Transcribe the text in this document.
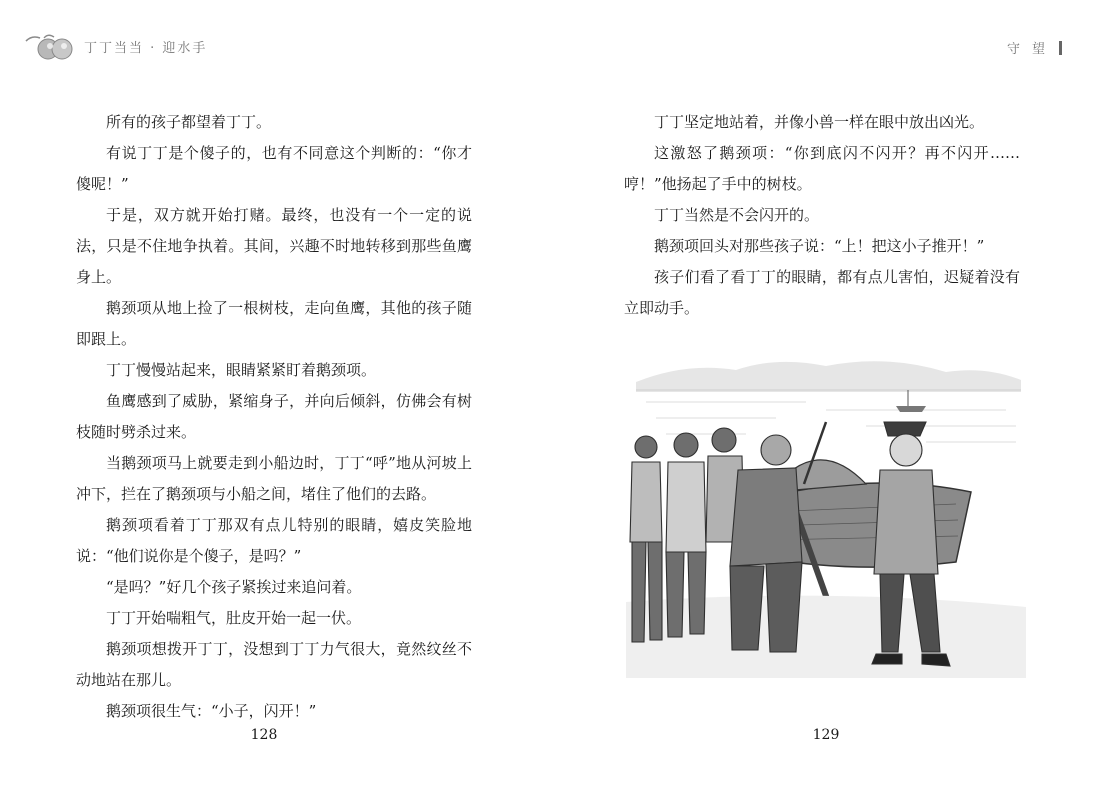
丁丁当当 · 迎水手

所有的孩子都望着丁丁。

有说丁丁是个傻子的，也有不同意这个判断的：“你才傻呢！”

于是，双方就开始打赌。最终，也没有一个一定的说法，只是不住地争执着。其间，兴趣不时地转移到那些鱼鹰身上。

鹅颈项从地上捡了一根树枝，走向鱼鹰，其他的孩子随即跟上。

丁丁慢慢站起来，眼睛紧紧盯着鹅颈项。

鱼鹰感到了威胁，紧缩身子，并向后倾斜，仿佛会有树枝随时劈杀过来。

当鹅颈项马上就要走到小船边时，丁丁“呼”地从河坡上冲下，拦在了鹅颈项与小船之间，堵住了他们的去路。

鹅颈项看着丁丁那双有点儿特别的眼睛，嬉皮笑脸地说：“他们说你是个傻子，是吗？”

“是吗？”好几个孩子紧挨过来追问着。

丁丁开始喘粗气，肚皮开始一起一伏。

鹅颈项想拨开丁丁，没想到丁丁力气很大，竟然纹丝不动地站在那儿。

鹅颈项很生气：“小子，闪开！”

128
守望

丁丁坚定地站着，并像小兽一样在眼中放出凶光。

这激怒了鹅颈项：“你到底闪不闪开？再不闪开……哼！”他扬起了手中的树枝。

丁丁当然是不会闪开的。

鹅颈项回头对那些孩子说：“上！把这小子推开！”

孩子们看了看丁丁的眼睛，都有点儿害怕，迟疑着没有立即动手。

129
